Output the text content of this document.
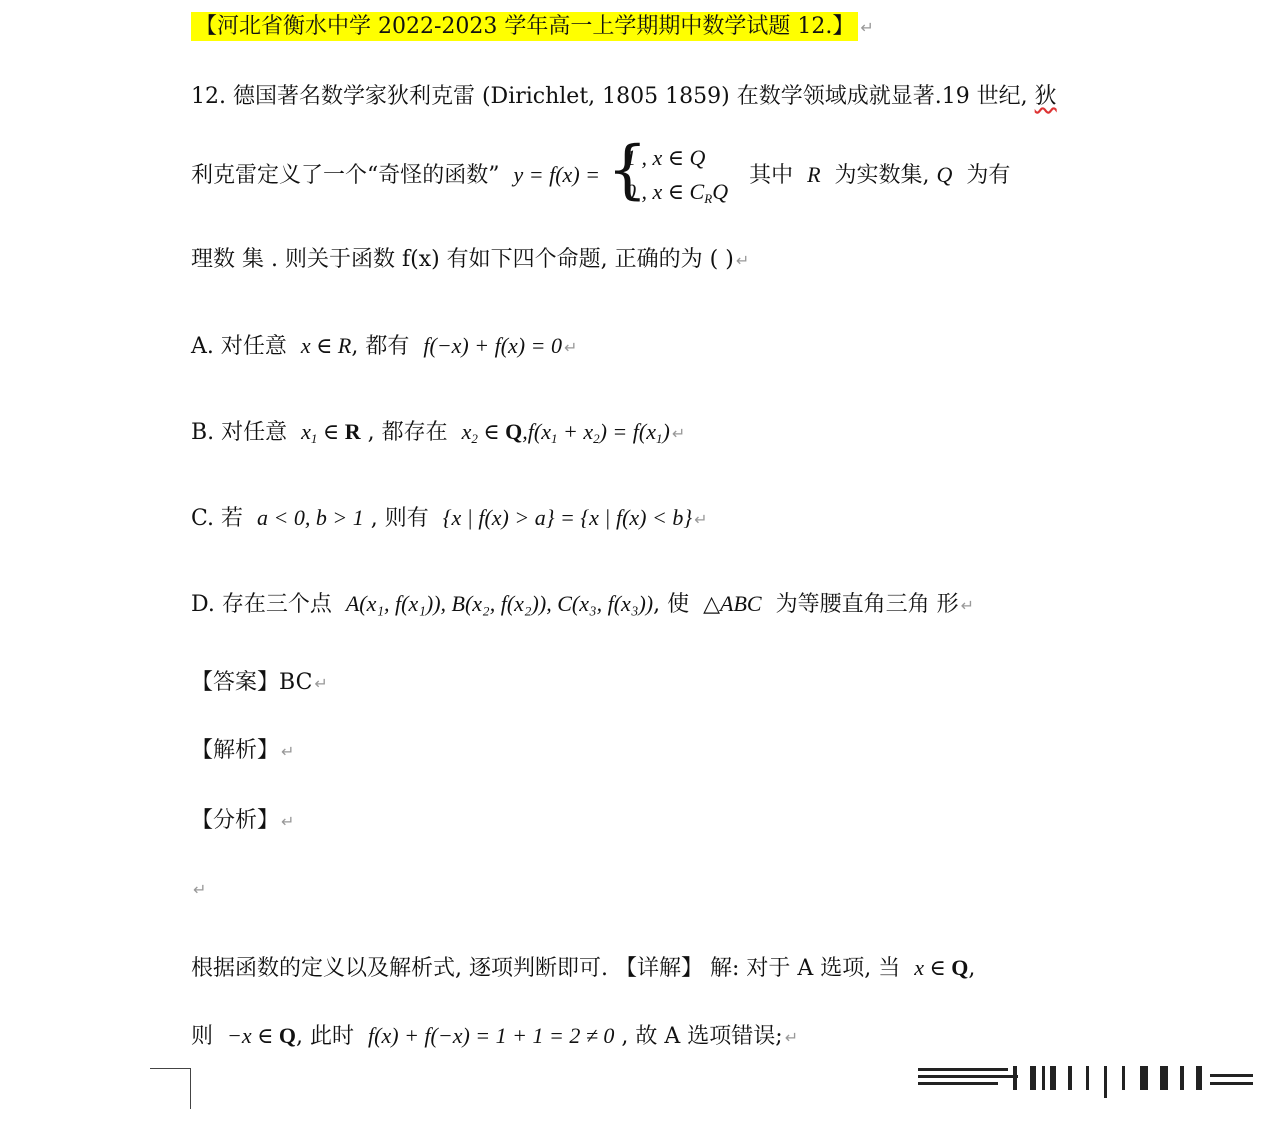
【河北省衡水中学 2022-2023 学年高一上学期期中数学试题 12.】 ↵
12. 德国著名数学家狄利克雷 (Dirichlet, 1805 1859) 在数学领域成就显著.19 世纪, 狄
利克雷定义了一个“奇怪的函数” y = f(x) = {
1 , x ∈ Q
0 , x ∈ $C_RQ$
其中 R 为实数集, Q 为有
理数 集 . 则关于函数 f(x) 有如下四个命题, 正确的为 ( ) ↵
A. 对任意 x ∈ R, 都有 f(−x) + f(x) = 0 ↵
B. 对任意 $x_1$ ∈ R , 都存在 $x_2$ ∈ $Q,f(x_1 + x_2) = f(x_1)$ ↵
C. 若 a < 0, b > 1 , 则有 {x | f(x) > a} = {x | f(x) < b} ↵
D. 存在三个点 A(x₁, f(x₁)), B(x₂, f(x₂)), C(x₃, f(x₃)), 使 △ABC 为等腰直角三角 形 ↵
【答案】BC ↵
【解析】 ↵
【分析】 ↵
↵
根据函数的定义以及解析式, 逐项判断即可. 【详解】 解: 对于 A 选项, 当 x ∈ Q,
则 −x ∈ Q, 此时 f(x) + f(−x) = 1 + 1 = 2 ≠ 0 , 故 A 选项错误; ↵
